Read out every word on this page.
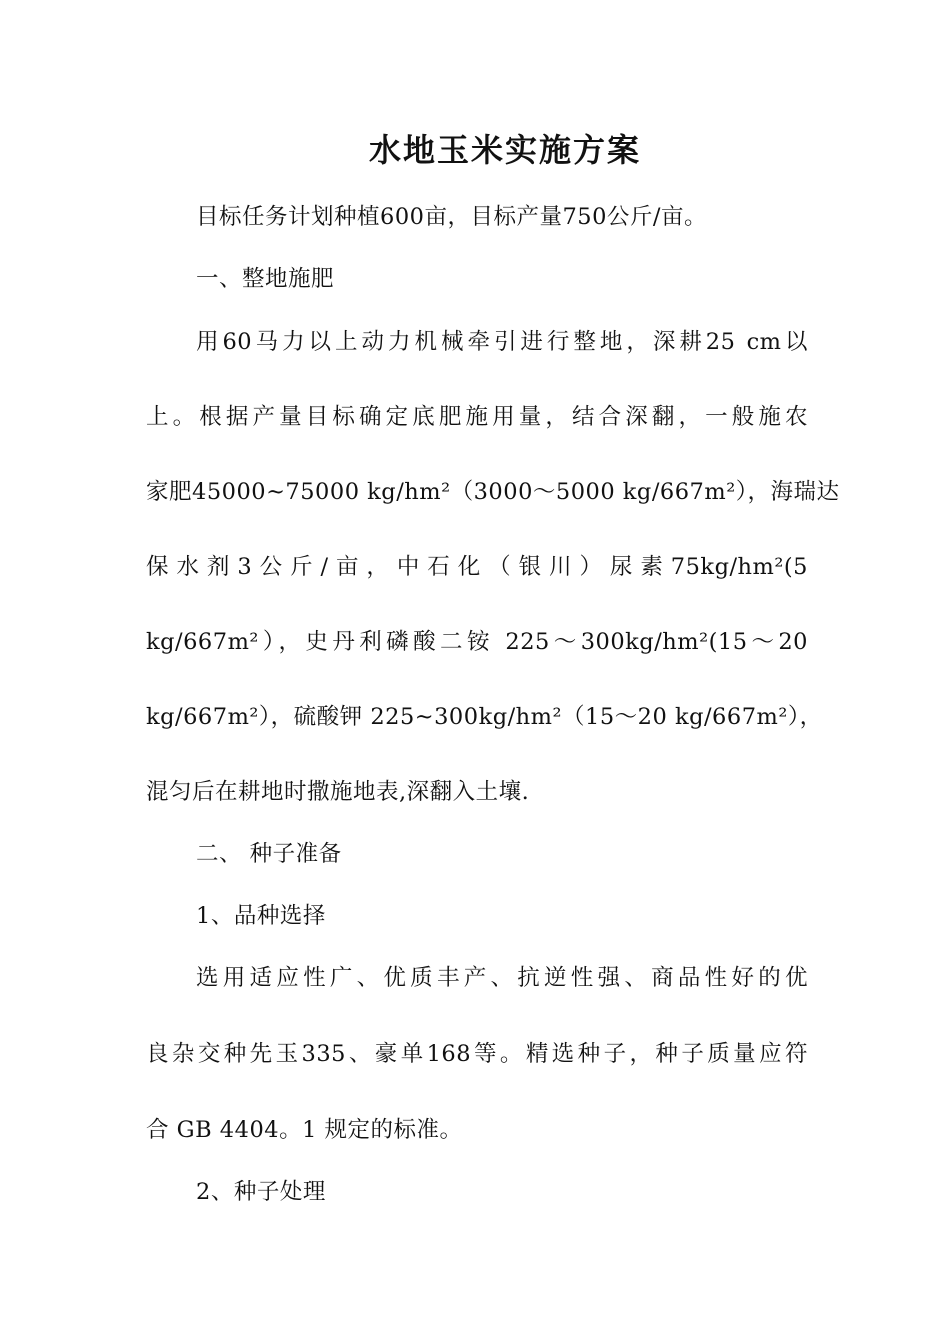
水地玉米实施方案
目标任务计划种植600亩，目标产量750公斤/亩。
一、整地施肥
用60马力以上动力机械牵引进行整地，深耕25 cm以
上。根据产量目标确定底肥施用量，结合深翻，一般施农
家肥45000~75000 kg/hm²（3000～5000 kg/667m²），海瑞达
保水剂3公斤/亩，中石化（银川）尿素75kg/hm²(5
kg/667m²），史丹利磷酸二铵 225～300kg/hm²(15～20
kg/667m²），硫酸钾 225~300kg/hm²（15～20 kg/667m²），
混匀后在耕地时撒施地表,深翻入土壤.
二、 种子准备
1、品种选择
选用适应性广、优质丰产、抗逆性强、商品性好的优
良杂交种先玉335、豪单168等。精选种子，种子质量应符
合 GB 4404。1 规定的标准。
2、种子处理
